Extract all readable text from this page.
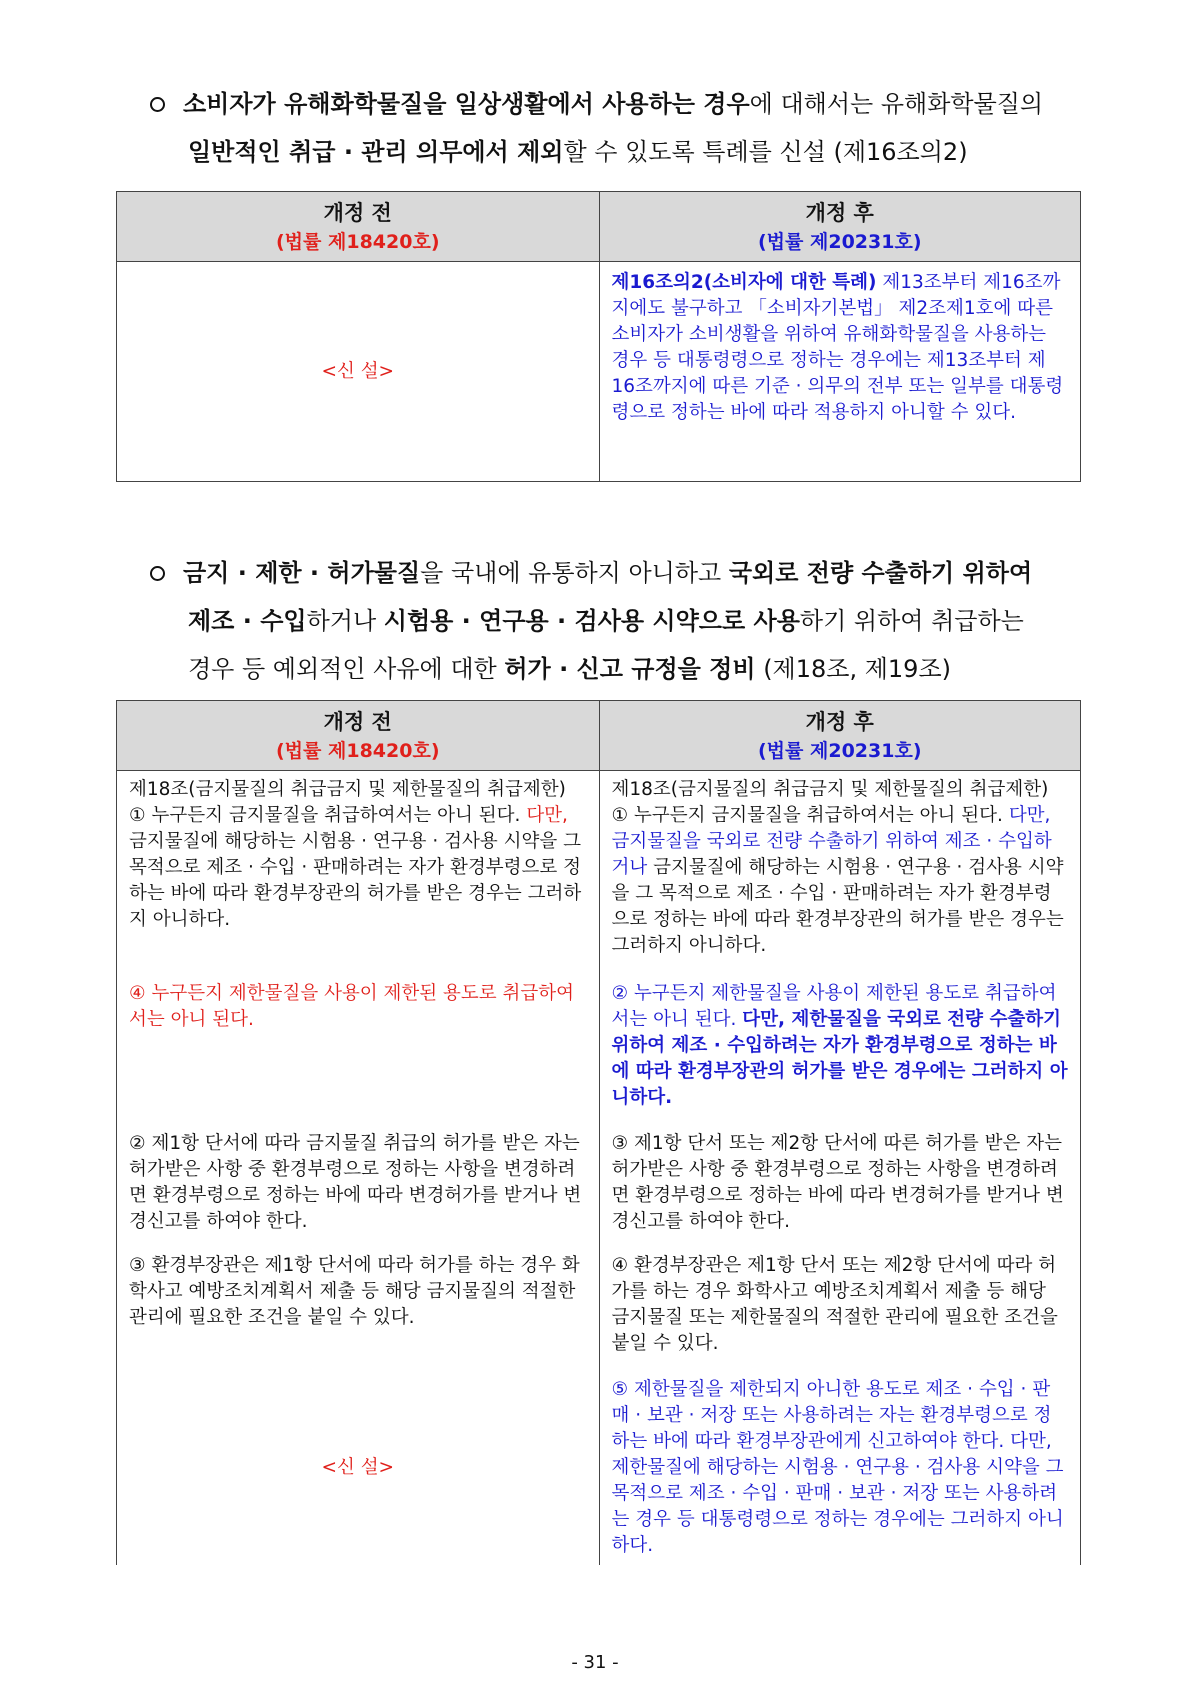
소비자가 유해화학물질을 일상생활에서 사용하는 경우에 대해서는 유해화학물질의
일반적인 취급 · 관리 의무에서 제외할 수 있도록 특례를 신설 (제16조의2)
개정 전
(법률 제18420호)
개정 후
(법률 제20231호)
<신 설>
제16조의2(소비자에 대한 특례) 제13조부터 제16조까지에도 불구하고 「소비자기본법」 제2조제1호에 따른 소비자가 소비생활을 위하여 유해화학물질을 사용하는 경우 등 대통령령으로 정하는 경우에는 제13조부터 제16조까지에 따른 기준 · 의무의 전부 또는 일부를 대통령령으로 정하는 바에 따라 적용하지 아니할 수 있다.
금지 · 제한 · 허가물질을 국내에 유통하지 아니하고 국외로 전량 수출하기 위하여
제조 · 수입하거나 시험용 · 연구용 · 검사용 시약으로 사용하기 위하여 취급하는
경우 등 예외적인 사유에 대한 허가 · 신고 규정을 정비 (제18조, 제19조)
개정 전
(법률 제18420호)
개정 후
(법률 제20231호)
제18조(금지물질의 취급금지 및 제한물질의 취급제한) ① 누구든지 금지물질을 취급하여서는 아니 된다. 다만, 금지물질에 해당하는 시험용 · 연구용 · 검사용 시약을 그 목적으로 제조 · 수입 · 판매하려는 자가 환경부령으로 정하는 바에 따라 환경부장관의 허가를 받은 경우는 그러하지 아니하다.
④ 누구든지 제한물질을 사용이 제한된 용도로 취급하여서는 아니 된다.
② 제1항 단서에 따라 금지물질 취급의 허가를 받은 자는 허가받은 사항 중 환경부령으로 정하는 사항을 변경하려면 환경부령으로 정하는 바에 따라 변경허가를 받거나 변경신고를 하여야 한다.
③ 환경부장관은 제1항 단서에 따라 허가를 하는 경우 화학사고 예방조치계획서 제출 등 해당 금지물질의 적절한 관리에 필요한 조건을 붙일 수 있다.
<신 설>
제18조(금지물질의 취급금지 및 제한물질의 취급제한) ① 누구든지 금지물질을 취급하여서는 아니 된다. 다만, 금지물질을 국외로 전량 수출하기 위하여 제조 · 수입하거나 금지물질에 해당하는 시험용 · 연구용 · 검사용 시약을 그 목적으로 제조 · 수입 · 판매하려는 자가 환경부령으로 정하는 바에 따라 환경부장관의 허가를 받은 경우는 그러하지 아니하다.
② 누구든지 제한물질을 사용이 제한된 용도로 취급하여서는 아니 된다. 다만, 제한물질을 국외로 전량 수출하기 위하여 제조 · 수입하려는 자가 환경부령으로 정하는 바에 따라 환경부장관의 허가를 받은 경우에는 그러하지 아니하다.
③ 제1항 단서 또는 제2항 단서에 따른 허가를 받은 자는 허가받은 사항 중 환경부령으로 정하는 사항을 변경하려면 환경부령으로 정하는 바에 따라 변경허가를 받거나 변경신고를 하여야 한다.
④ 환경부장관은 제1항 단서 또는 제2항 단서에 따라 허가를 하는 경우 화학사고 예방조치계획서 제출 등 해당 금지물질 또는 제한물질의 적절한 관리에 필요한 조건을 붙일 수 있다.
⑤ 제한물질을 제한되지 아니한 용도로 제조 · 수입 · 판매 · 보관 · 저장 또는 사용하려는 자는 환경부령으로 정하는 바에 따라 환경부장관에게 신고하여야 한다. 다만, 제한물질에 해당하는 시험용 · 연구용 · 검사용 시약을 그 목적으로 제조 · 수입 · 판매 · 보관 · 저장 또는 사용하려는 경우 등 대통령령으로 정하는 경우에는 그러하지 아니하다.
- 31 -
